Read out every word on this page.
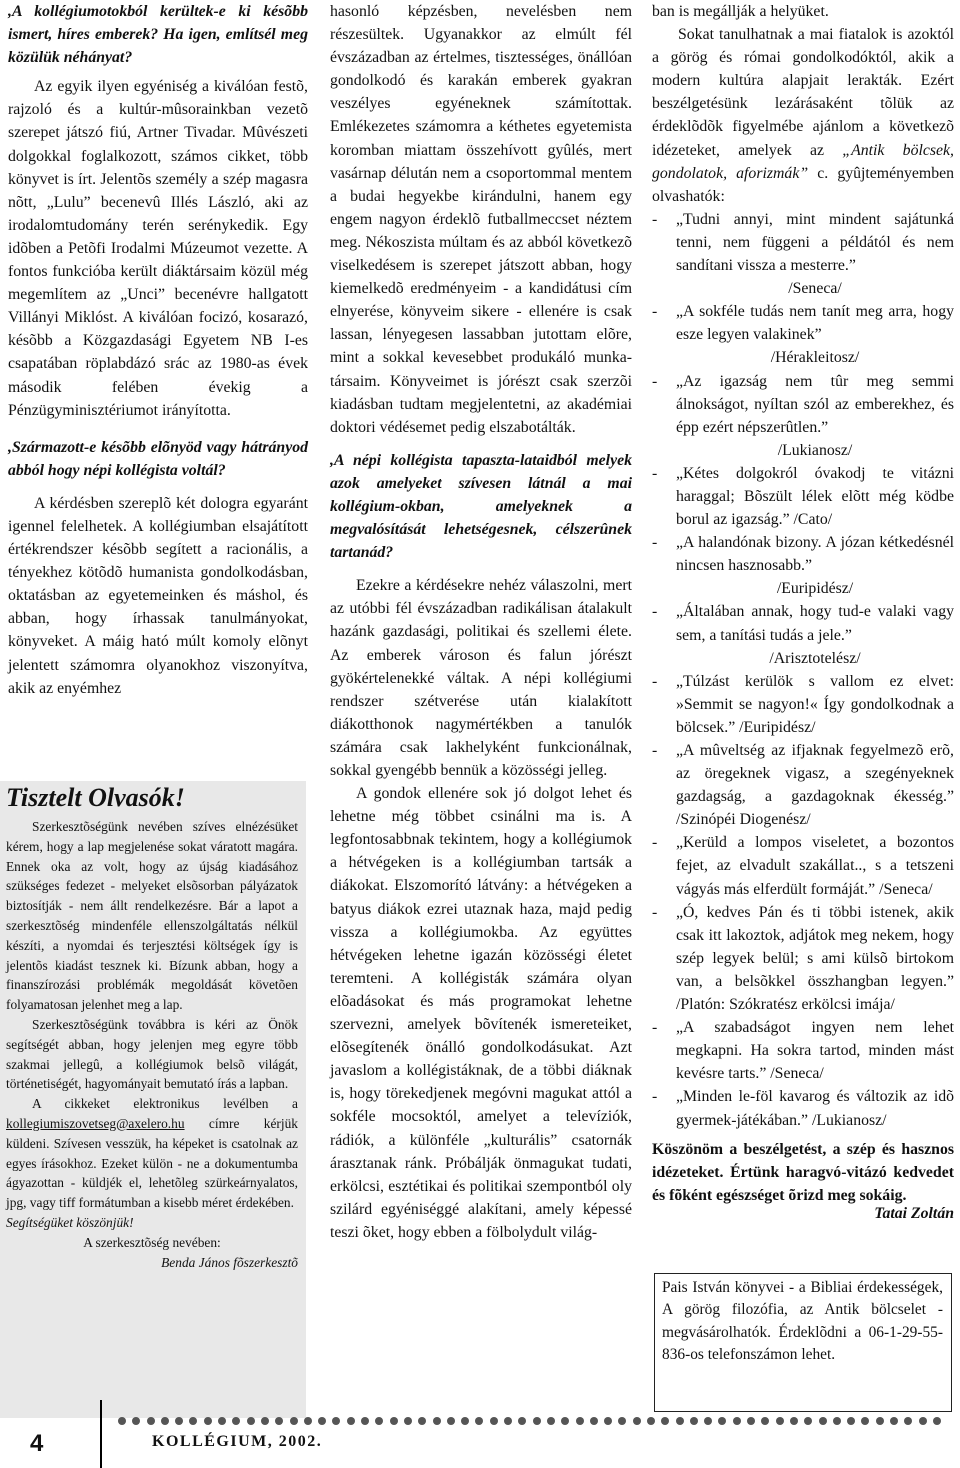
,A kollégiumotokból kerültek-e ki késõbb ismert, híres emberek? Ha igen, említsél meg közülük néhányat?

Az egyik ilyen egyéniség a kiválóan festõ, rajzoló és a kultúr-mûsorainkban vezetõ szerepet játszó fiú, Artner Tivadar. Mûvészeti dolgokkal foglalkozott, számos cikket, több könyvet is írt. Jelentõs személy a szép magasra nõtt, „Lulu” becenevû Illés László, aki az irodalomtudomány terén serénykedik. Egy idõben a Petõfi Irodalmi Múzeumot vezette. A fontos funkcióba került diáktársaim közül még megemlítem az „Unci” becenévre hallgatott Villányi Miklóst. A kiválóan focizó, kosarazó, késõbb a Közgazdasági Egyetem NB I-es csapatában röplabdázó srác az 1980-as évek második felében évekig a Pénzügyminisztériumot irányította.

,Származott-e késõbb elõnyöd vagy hátrányod abból hogy népi kollégista voltál?

A kérdésben szereplõ két dologra egyaránt igennel felelhetek. A kollégiumban elsajátított értékrendszer késõbb segített a racionális, a tényekhez kötõdõ humanista gondolkodásban, oktatásban az egyetemeinken és máshol, és abban, hogy írhassak tanulmányokat, könyveket. A máig ható múlt komoly elõnyt jelentett számomra olyanokhoz viszonyítva, akik az enyémhez

Tisztelt Olvasók!

Szerkesztõségünk nevében szíves elnézésüket kérem, hogy a lap megjelenése sokat váratott magára. Ennek oka az volt, hogy az újság kiadásához szükséges fedezet - melyeket elsõsorban pályázatok biztosítják - nem állt rendelkezésre. Bár a lapot a szerkesztõség mindenféle ellenszolgáltatás nélkül készíti, a nyomdai és terjesztési költségek így is jelentõs kiadást tesznek ki. Bízunk abban, hogy a finanszírozási problémák megoldását követõen folyamatosan jelenhet meg a lap.

Szerkesztõségünk továbbra is kéri az Önök segítségét abban, hogy jelenjen meg egyre több szakmai jellegû, a kollégiumok belsõ világát, történetiségét, hagyományait bemutató írás a lapban.

A cikkeket elektronikus levélben a kollegiumiszovetseg@axelero.hu címre kérjük küldeni. Szívesen vesszük, ha képeket is csatolnak az egyes írásokhoz. Ezeket külön - ne a dokumentumba ágyazottan - küldjék el, lehetõleg szürkeárnyalatos, jpg, vagy tiff formátumban a kisebb méret érdekében.

Segítségüket köszönjük!

A szerkesztõség nevében:

Benda János fõszerkesztõ

hasonló képzésben, nevelésben nem részesültek. Ugyanakkor az elmúlt fél évszázadban az értelmes, tisztességes, önállóan gondolkodó és karakán emberek gyakran veszélyes egyéneknek számítottak. Emlékezetes számomra a kéthetes egyetemista koromban miattam összehívott gyûlés, mert vasárnap délután nem a csoportommal mentem a budai hegyekbe kirándulni, hanem egy engem nagyon érdeklõ futballmeccset néztem meg. Nékoszista múltam és az abból következõ viselkedésem is szerepet játszott abban, hogy kiemelkedõ eredményeim - a kandidátusi cím elnyerése, könyveim sikere - ellenére is csak lassan, lényegesen lassabban jutottam elõre, mint a sokkal kevesebbet produkáló munka-társaim. Könyveimet is jórészt csak szerzõi kiadásban tudtam megjelentetni, az akadémiai doktori védésemet pedig elszabotálták.

,A népi kollégista tapaszta-lataidból melyek azok amelyeket szívesen látnál a mai kollégium-okban, amelyeknek a megvalósítását lehetségesnek, célszerûnek tartanád?

Ezekre a kérdésekre nehéz válaszolni, mert az utóbbi fél évszázadban radikálisan átalakult hazánk gazdasági, politikai és szellemi élete. Az emberek városon és falun jórészt gyökértelenekké váltak. A népi kollégiumi rendszer szétverése után kialakított diákotthonok nagymértékben a tanulók számára csak lakhelyként funkcionálnak, sokkal gyengébb bennük a közösségi jelleg.

A gondok ellenére sok jó dolgot lehet és lehetne még többet csinálni ma is. A legfontosabbnak tekintem, hogy a kollégiumok a hétvégeken is a kollégiumban tartsák a diákokat. Elszomorító látvány: a hétvégeken a batyus diákok ezrei utaznak haza, majd pedig vissza a kollégiumokba. Az együttes hétvégeken lehetne igazán közösségi életet teremteni. A kollégisták számára olyan elõadásokat és más programokat lehetne szervezni, amelyek bõvítenék ismereteiket, elõsegítenék önálló gondolkodásukat. Azt javaslom a kollégistáknak, de a többi diáknak is, hogy törekedjenek megóvni magukat attól a sokféle mocsoktól, amelyet a televíziók, rádiók, a különféle „kulturális” csatornák árasztanak ránk. Próbálják önmagukat tudati, erkölcsi, esztétikai és politikai szempontból oly szilárd egyéniséggé alakítani, amely képessé teszi õket, hogy ebben a fölbolydult világ-

ban is megállják a helyüket.

Sokat tanulhatnak a mai fiatalok is azoktól a görög és római gondolkodóktól, akik a modern kultúra alapjait lerakták. Ezért beszélgetésünk lezárásaként tõlük az érdeklõdõk figyelmébe ajánlom a következõ idézeteket, amelyek az „Antik bölcsek, gondolatok, aforizmák” c. gyûjteményemben olvashatók:

- „Tudni annyi, mint mindent sajátunká tenni, nem függeni a példától és nem sandítani vissza a mesterre.”
/Seneca/
- „A sokféle tudás nem tanít meg arra, hogy esze legyen valakinek”
/Hérakleitosz/
- „Az igazság nem tûr meg semmi álnokságot, nyíltan szól az emberekhez, és épp ezért népszerûtlen.”
/Lukianosz/
- „Kétes dolgokról óvakodj te vitázni haraggal; Bõszült lélek elõtt még ködbe borul az igazság.” /Cato/
- „A halandónak bizony. A józan kétkedésnél nincsen hasznosabb.”
/Euripidész/
- „Általában annak, hogy tud-e valaki vagy sem, a tanítási tudás a jele.”
/Arisztotelész/
- „Túlzást kerülök s vallom ez elvet: »Semmit se nagyon!« Így gondolkodnak a bölcsek.” /Euripidész/
- „A mûveltség az ifjaknak fegyelmezõ erõ, az öregeknek vigasz, a szegényeknek gazdagság, a gazdagoknak ékesség.” /Szinópéi Diogenész/
- „Kerüld a lompos viseletet, a bozontos fejet, az elvadult szakállat.., s a tetszeni vágyás más elferdült formáját.” /Seneca/
- „Ó, kedves Pán és ti többi istenek, akik csak itt lakoztok, adjátok meg nekem, hogy szép legyek belül; s ami külsõ birtokom van, a belsõkkel összhangban legyen.” /Platón: Szókratész erkölcsi imája/
- „A szabadságot ingyen nem lehet megkapni. Ha sokra tartod, minden mást kevésre tarts.” /Seneca/
- „Minden le-föl kavarog és változik az idõ gyermek-játékában.” /Lukianosz/

Köszönöm a beszélgetést, a szép és hasznos idézeteket. Értünk haragvó-vitázó kedvedet és fõként egészséget õrizd meg sokáig.

Tatai Zoltán

Pais István könyvei - a Bibliai érdekességek, A görög filozófia, az Antik bölcselet - megvásárolhatók. Érdeklõdni a 06-1-29-55-836-os telefonszámon lehet.

4	KOLLÉGIUM, 2002.
